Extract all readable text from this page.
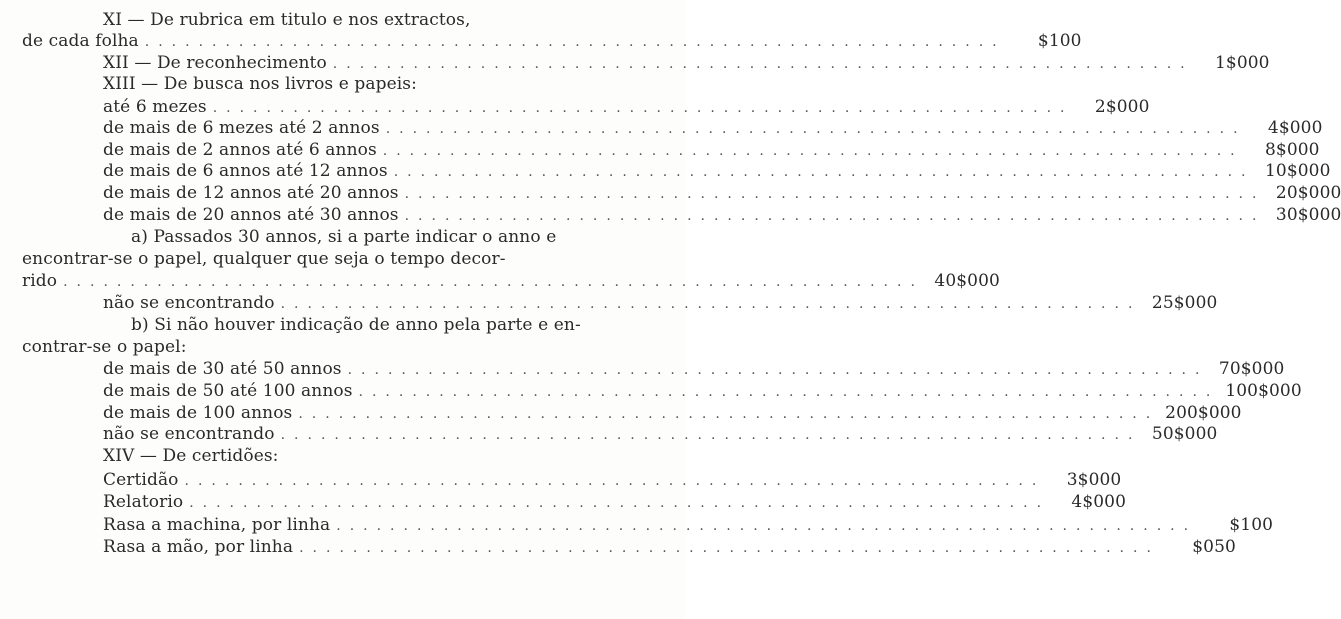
XI — De rubrica em titulo e nos extractos,
de cada folha ................................................................	$100
XII — De reconhecimento ................................................................	1$000
XIII — De busca nos livros e papeis:
até 6 mezes ................................................................	2$000
de mais de 6 mezes até 2 annos ................................................................	4$000
de mais de 2 annos até 6 annos ................................................................	8$000
de mais de 6 annos até 12 annos ................................................................ 10$000
de mais de 12 annos até 20 annos ................................................................ 20$000
de mais de 20 annos até 30 annos ................................................................ 30$000
a) Passados 30 annos, si a parte indicar o anno e
encontrar-se o papel, qualquer que seja o tempo decor-
rido ................................................................ 40$000
não se encontrando ................................................................ 25$000
b) Si não houver indicação de anno pela parte e en-
contrar-se o papel:
de mais de 30 até 50 annos ................................................................ 70$000
de mais de 50 até 100 annos ................................................................ 100$000
de mais de 100 annos ................................................................ 200$000
não se encontrando ................................................................ 50$000
XIV — De certidões:
Certidão ................................................................	3$000
Relatorio ................................................................	4$000
Rasa a machina, por linha ................................................................	$100
Rasa a mão, por linha ................................................................	$050
